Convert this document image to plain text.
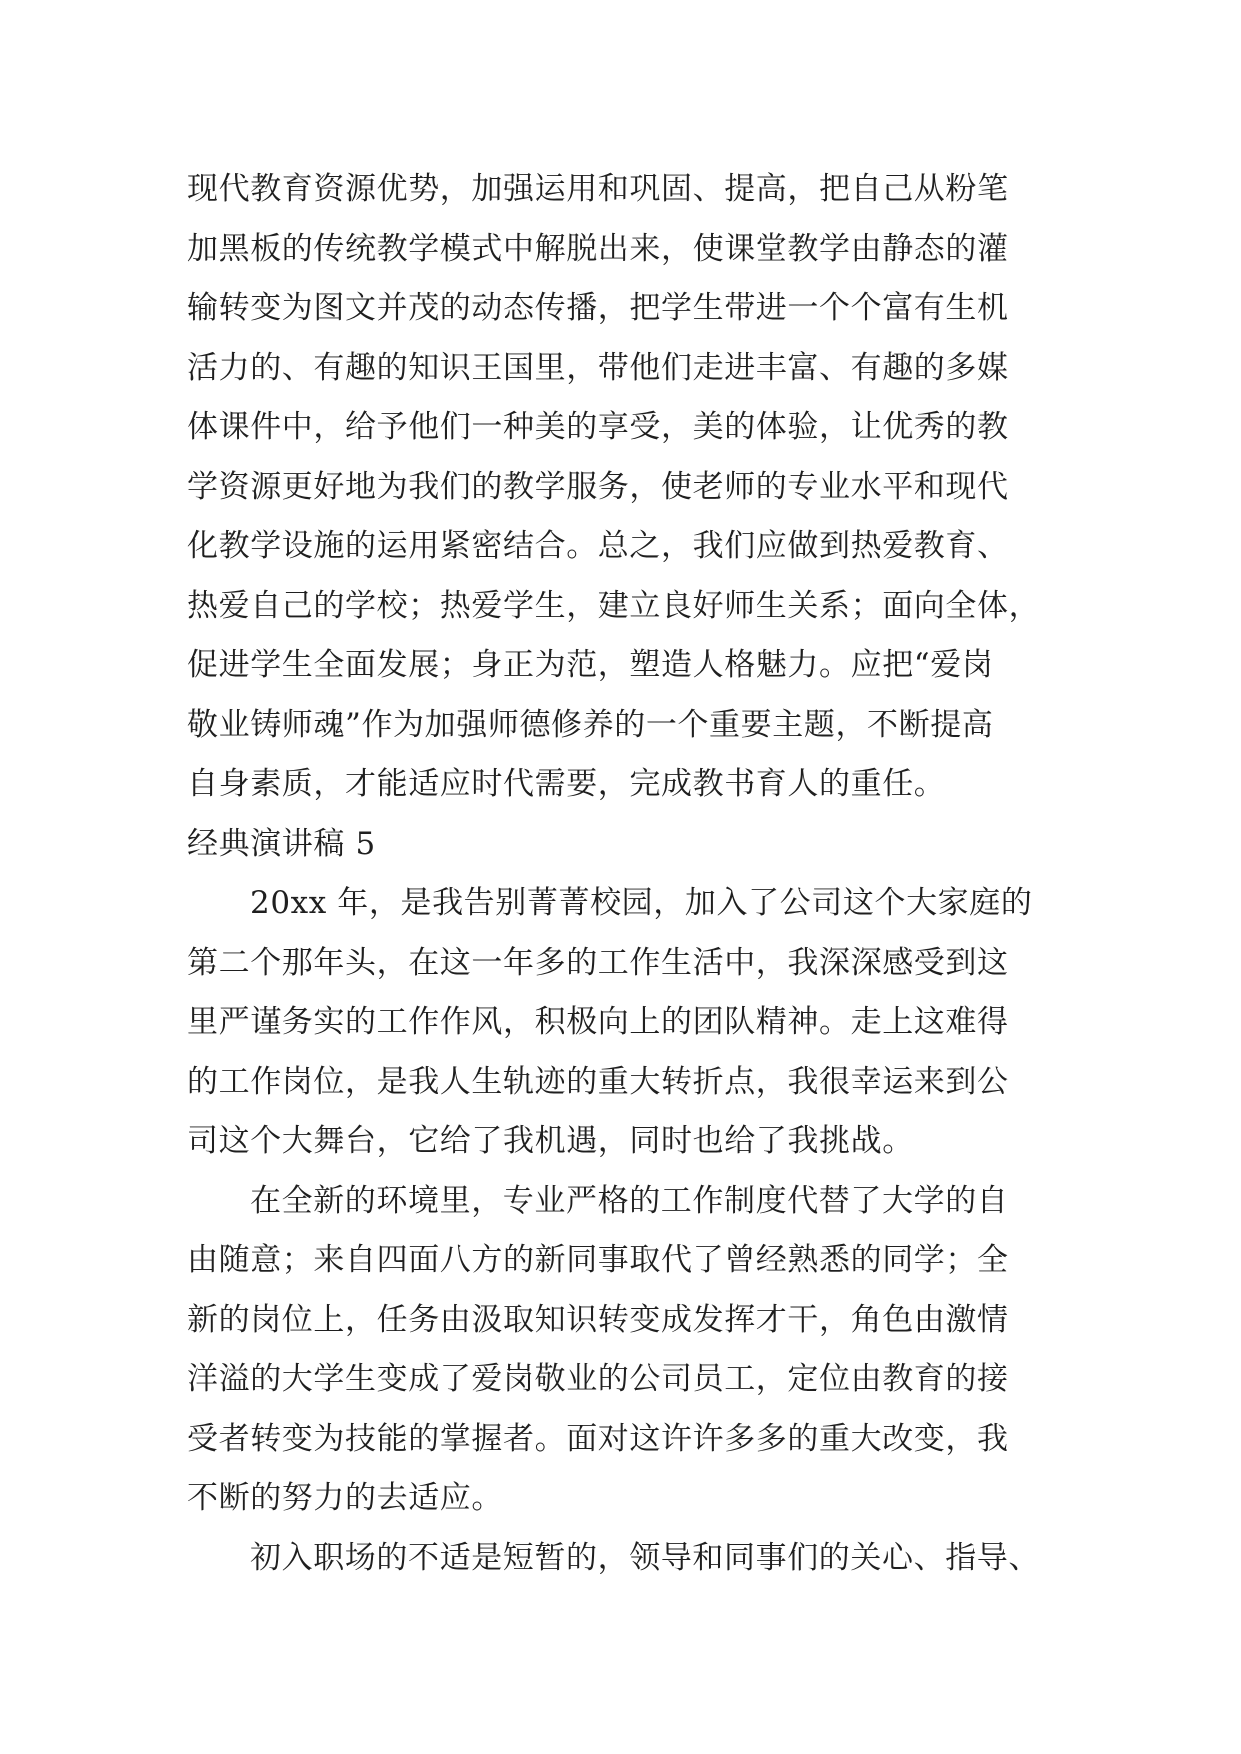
现代教育资源优势，加强运用和巩固、提高，把自己从粉笔
加黑板的传统教学模式中解脱出来，使课堂教学由静态的灌
输转变为图文并茂的动态传播，把学生带进一个个富有生机
活力的、有趣的知识王国里，带他们走进丰富、有趣的多媒
体课件中，给予他们一种美的享受，美的体验，让优秀的教
学资源更好地为我们的教学服务，使老师的专业水平和现代
化教学设施的运用紧密结合。总之，我们应做到热爱教育、
热爱自己的学校；热爱学生，建立良好师生关系；面向全体，
促进学生全面发展；身正为范，塑造人格魅力。应把“爱岗
敬业铸师魂”作为加强师德修养的一个重要主题，不断提高
自身素质，才能适应时代需要，完成教书育人的重任。
经典演讲稿 5
20xx 年，是我告别菁菁校园，加入了公司这个大家庭的
第二个那年头，在这一年多的工作生活中，我深深感受到这
里严谨务实的工作作风，积极向上的团队精神。走上这难得
的工作岗位，是我人生轨迹的重大转折点，我很幸运来到公
司这个大舞台，它给了我机遇，同时也给了我挑战。
在全新的环境里，专业严格的工作制度代替了大学的自
由随意；来自四面八方的新同事取代了曾经熟悉的同学；全
新的岗位上，任务由汲取知识转变成发挥才干，角色由激情
洋溢的大学生变成了爱岗敬业的公司员工，定位由教育的接
受者转变为技能的掌握者。面对这许许多多的重大改变，我
不断的努力的去适应。
初入职场的不适是短暂的，领导和同事们的关心、指导、
